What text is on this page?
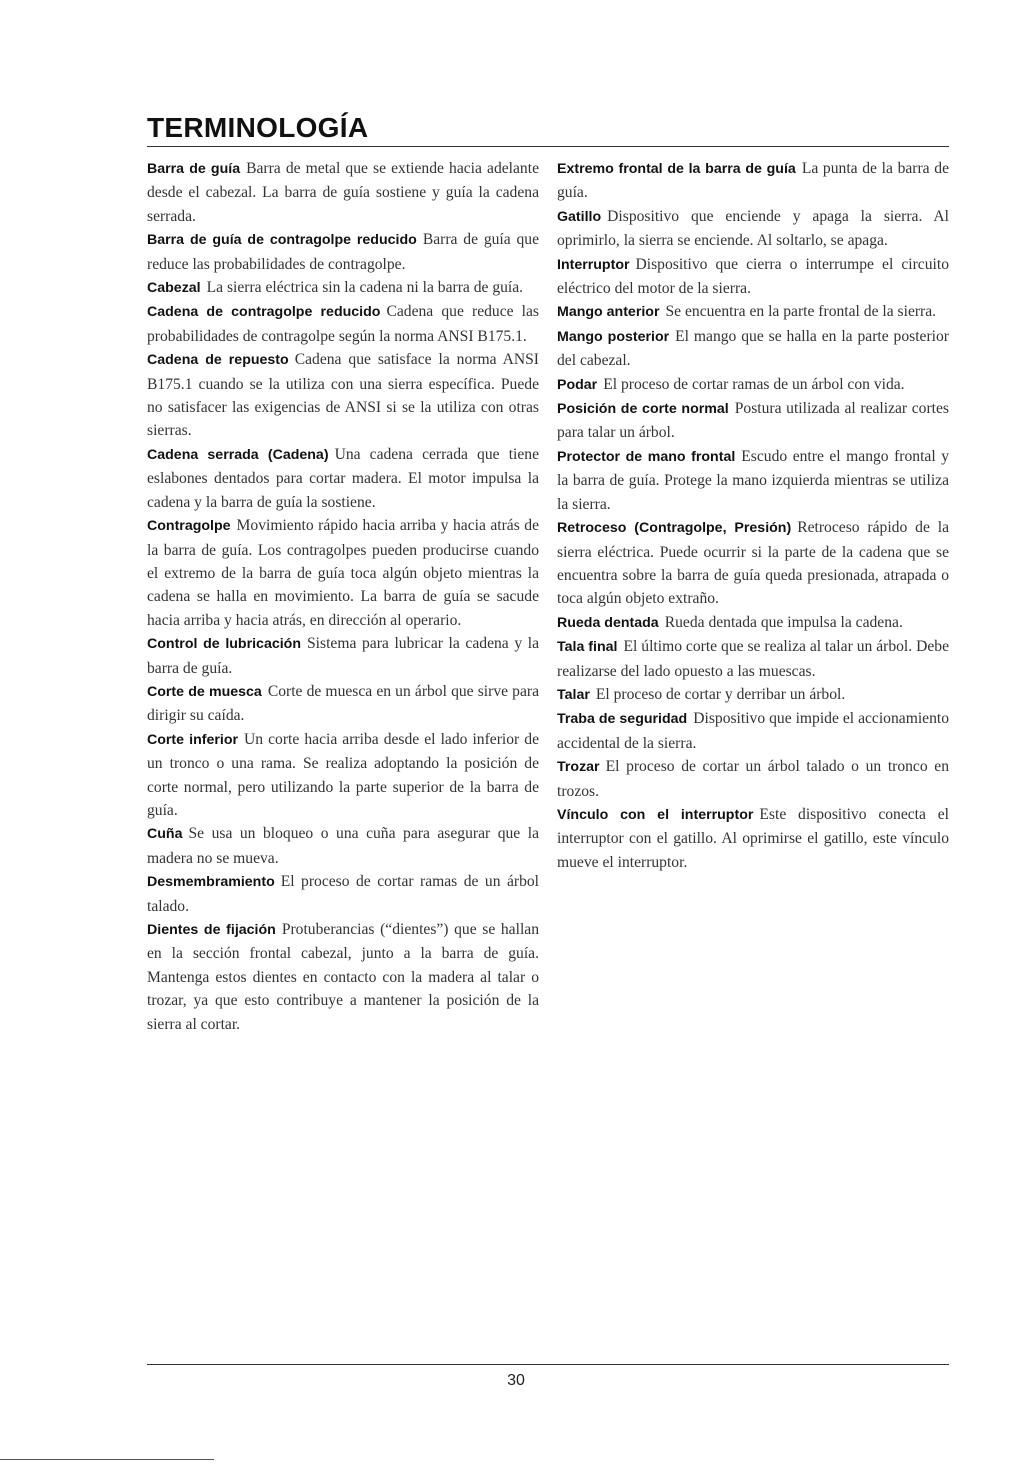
TERMINOLOGÍA

Barra de guía Barra de metal que se extiende hacia adelante desde el cabezal. La barra de guía sostiene y guía la cadena serrada.

Barra de guía de contragolpe reducido Barra de guía que reduce las probabilidades de contragolpe.

Cabezal La sierra eléctrica sin la cadena ni la barra de guía.

Cadena de contragolpe reducido Cadena que reduce las probabilidades de contragolpe según la norma ANSI B175.1.

Cadena de repuesto Cadena que satisface la norma ANSI B175.1 cuando se la utiliza con una sierra específica. Puede no satisfacer las exigencias de ANSI si se la utiliza con otras sierras.

Cadena serrada (Cadena) Una cadena cerrada que tiene eslabones dentados para cortar madera. El motor impulsa la cadena y la barra de guía la sostiene.

Contragolpe Movimiento rápido hacia arriba y hacia atrás de la barra de guía. Los contragolpes pueden producirse cuando el extremo de la barra de guía toca algún objeto mientras la cadena se halla en movimiento. La barra de guía se sacude hacia arriba y hacia atrás, en dirección al operario.

Control de lubricación Sistema para lubricar la cadena y la barra de guía.

Corte de muesca Corte de muesca en un árbol que sirve para dirigir su caída.

Corte inferior Un corte hacia arriba desde el lado inferior de un tronco o una rama. Se realiza adoptando la posición de corte normal, pero utilizando la parte superior de la barra de guía.

Cuña Se usa un bloqueo o una cuña para asegurar que la madera no se mueva.

Desmembramiento El proceso de cortar ramas de un árbol talado.

Dientes de fijación Protuberancias (“dientes”) que se hallan en la sección frontal cabezal, junto a la barra de guía. Mantenga estos dientes en contacto con la madera al talar o trozar, ya que esto contribuye a mantener la posición de la sierra al cortar.

Extremo frontal de la barra de guía La punta de la barra de guía.

Gatillo Dispositivo que enciende y apaga la sierra. Al oprimirlo, la sierra se enciende. Al soltarlo, se apaga.

Interruptor Dispositivo que cierra o interrumpe el circuito eléctrico del motor de la sierra.

Mango anterior Se encuentra en la parte frontal de la sierra.

Mango posterior El mango que se halla en la parte posterior del cabezal.

Podar El proceso de cortar ramas de un árbol con vida.

Posición de corte normal Postura utilizada al realizar cortes para talar un árbol.

Protector de mano frontal Escudo entre el mango frontal y la barra de guía. Protege la mano izquierda mientras se utiliza la sierra.

Retroceso (Contragolpe, Presión) Retroceso rápido de la sierra eléctrica. Puede ocurrir si la parte de la cadena que se encuentra sobre la barra de guía queda presionada, atrapada o toca algún objeto extraño.

Rueda dentada Rueda dentada que impulsa la cadena.

Tala final El último corte que se realiza al talar un árbol. Debe realizarse del lado opuesto a las muescas.

Talar El proceso de cortar y derribar un árbol.

Traba de seguridad Dispositivo que impide el accionamiento accidental de la sierra.

Trozar El proceso de cortar un árbol talado o un tronco en trozos.

Vínculo con el interruptor Este dispositivo conecta el interruptor con el gatillo. Al oprimirse el gatillo, este vínculo mueve el interruptor.

30
